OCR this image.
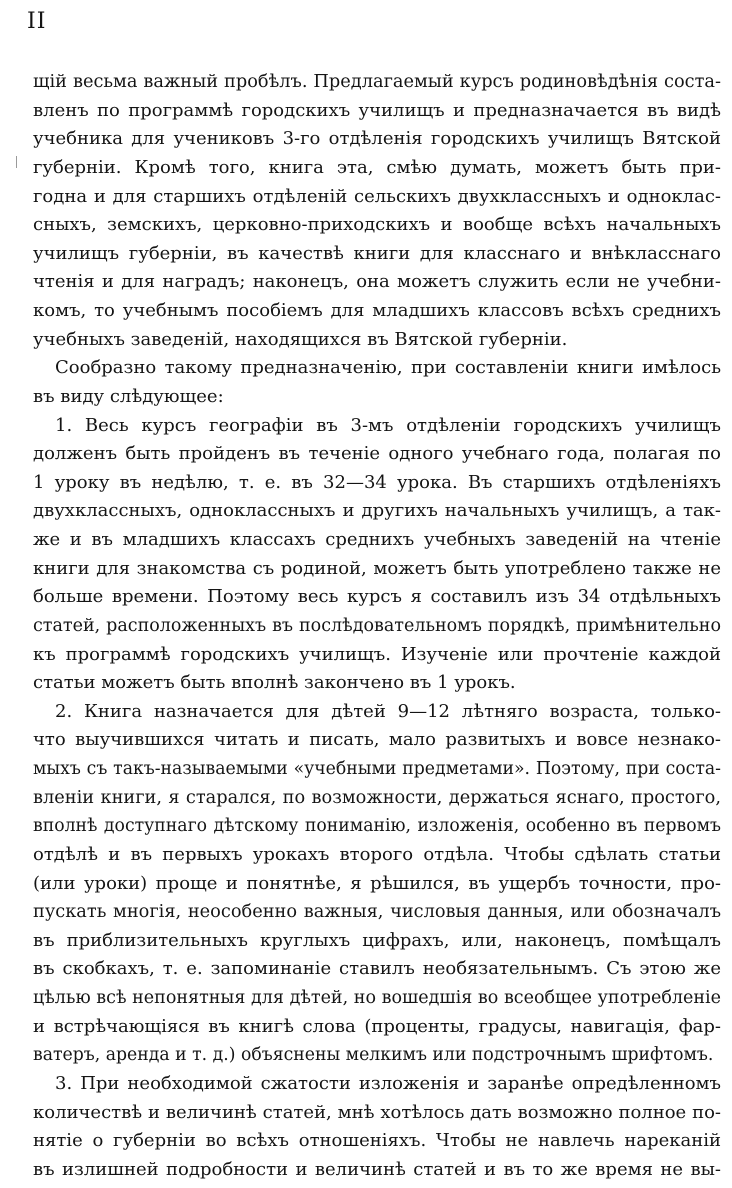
II
щій весьма важный пробѣлъ. Предлагаемый курсъ родиновѣдѣнія соста-
вленъ по программѣ городскихъ училищъ и предназначается въ видѣ
учебника для учениковъ 3-го отдѣленія городскихъ училищъ Вятской
губерніи. Кромѣ того, книга эта, смѣю думать, можетъ быть при-
годна и для старшихъ отдѣленій сельскихъ двухклассныхъ и одноклас-
сныхъ, земскихъ, церковно-приходскихъ и вообще всѣхъ начальныхъ
училищъ губерніи, въ качествѣ книги для класснаго и внѣкласснаго
чтенія и для наградъ; наконецъ, она можетъ служить если не учебни-
комъ, то учебнымъ пособіемъ для младшихъ классовъ всѣхъ среднихъ
учебныхъ заведеній, находящихся въ Вятской губерніи.
Сообразно такому предназначенію, при составленіи книги имѣлось
въ виду слѣдующее:
1. Весь курсъ географіи въ 3-мъ отдѣленіи городскихъ училищъ
долженъ быть пройденъ въ теченіе одного учебнаго года, полагая по
1 уроку въ недѣлю, т. е. въ 32—34 урока. Въ старшихъ отдѣленіяхъ
двухклассныхъ, одноклассныхъ и другихъ начальныхъ училищъ, а так-
же и въ младшихъ классахъ среднихъ учебныхъ заведеній на чтеніе
книги для знакомства съ родиной, можетъ быть употреблено также не
больше времени. Поэтому весь курсъ я составилъ изъ 34 отдѣльныхъ
статей, расположенныхъ въ послѣдовательномъ порядкѣ, примѣнительно
къ программѣ городскихъ училищъ. Изученіе или прочтеніе каждой
статьи можетъ быть вполнѣ закончено въ 1 урокъ.
2. Книга назначается для дѣтей 9—12 лѣтняго возраста, только-
что выучившихся читать и писать, мало развитыхъ и вовсе незнако-
мыхъ съ такъ-называемыми «учебными предметами». Поэтому, при соста-
вленіи книги, я старался, по возможности, держаться яснаго, простого,
вполнѣ доступнаго дѣтскому пониманію, изложенія, особенно въ первомъ
отдѣлѣ и въ первыхъ урокахъ второго отдѣла. Чтобы сдѣлать статьи
(или уроки) проще и понятнѣе, я рѣшился, въ ущербъ точности, про-
пускать многія, неособенно важныя, числовыя данныя, или обозначалъ
въ приблизительныхъ круглыхъ цифрахъ, или, наконецъ, помѣщалъ
въ скобкахъ, т. е. запоминаніе ставилъ необязательнымъ. Съ этою же
цѣлью всѣ непонятныя для дѣтей, но вошедшія во всеобщее употребленіе
и встрѣчающіяся въ книгѣ слова (проценты, градусы, навигація, фар-
ватеръ, аренда и т. д.) объяснены мелкимъ или подстрочнымъ шрифтомъ.
3. При необходимой сжатости изложенія и заранѣе опредѣленномъ
количествѣ и величинѣ статей, мнѣ хотѣлось дать возможно полное по-
нятіе о губерніи во всѣхъ отношеніяхъ. Чтобы не навлечь нареканій
въ излишней подробности и величинѣ статей и въ то же время не вы-
